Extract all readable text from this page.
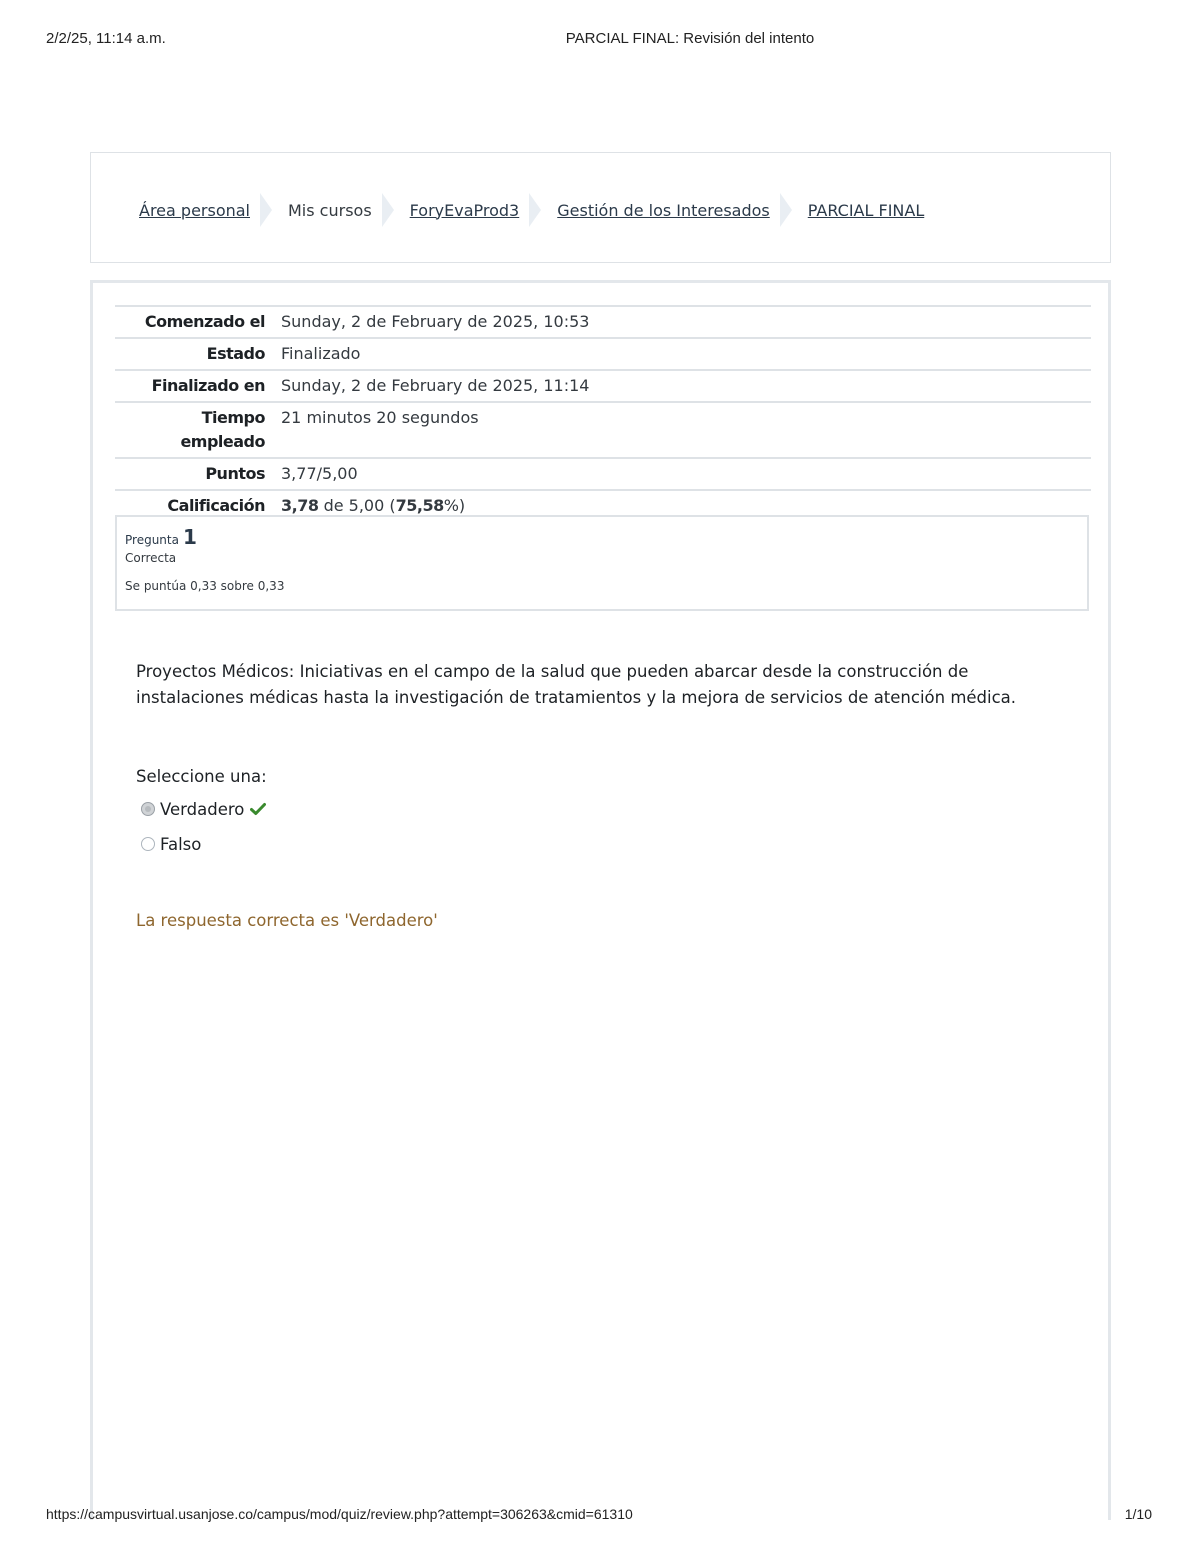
2/2/25, 11:14 a.m.	PARCIAL FINAL: Revisión del intento
Área personal Mis cursos ForyEvaProd3 Gestión de los Interesados PARCIAL FINAL
Comenzado el	Sunday, 2 de February de 2025, 10:53
Estado	Finalizado
Finalizado en	Sunday, 2 de February de 2025, 11:14
Tiempo empleado	21 minutos 20 segundos
Puntos	3,77/5,00
Calificación	3,78 de 5,00 (75,58%)
Pregunta 1
Correcta
Se puntúa 0,33 sobre 0,33
Proyectos Médicos: Iniciativas en el campo de la salud que pueden abarcar desde la construcción de instalaciones médicas hasta la investigación de tratamientos y la mejora de servicios de atención médica.
Seleccione una:
Verdadero
Falso
La respuesta correcta es 'Verdadero'
https://campusvirtual.usanjose.co/campus/mod/quiz/review.php?attempt=306263&cmid=61310	1/10
